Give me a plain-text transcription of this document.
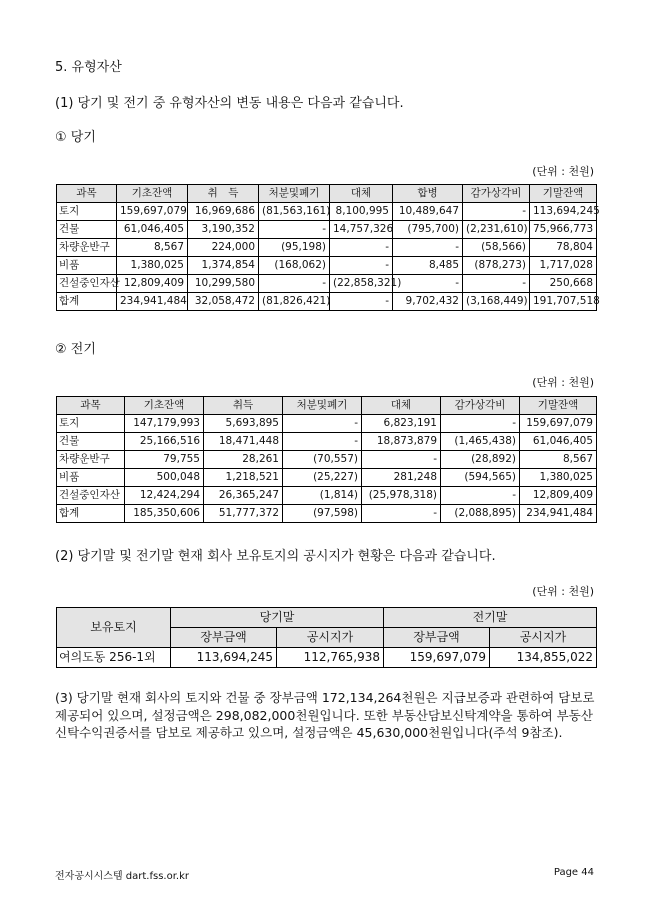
5. 유형자산
(1) 당기 및 전기 중 유형자산의 변동 내용은 다음과 같습니다.
① 당기
(단위 : 천원)
과목	기초잔액	취　득	처분및폐기	대체	합병	감가상각비	기말잔액
토지	159,697,079	16,969,686	(81,563,161)	8,100,995	10,489,647	-	113,694,245
건물	61,046,405	3,190,352	-	14,757,326	(795,700)	(2,231,610)	75,966,773
차량운반구	8,567	224,000	(95,198)	-	-	(58,566)	78,804
비품	1,380,025	1,374,854	(168,062)	-	8,485	(878,273)	1,717,028
건설중인자산	12,809,409	10,299,580	-	(22,858,321)	-	-	250,668
합계	234,941,484	32,058,472	(81,826,421)	-	9,702,432	(3,168,449)	191,707,518
② 전기
(단위 : 천원)
과목	기초잔액	취득	처분및폐기	대체	감가상각비	기말잔액
토지	147,179,993	5,693,895	-	6,823,191	-	159,697,079
건물	25,166,516	18,471,448	-	18,873,879	(1,465,438)	61,046,405
차량운반구	79,755	28,261	(70,557)	-	(28,892)	8,567
비품	500,048	1,218,521	(25,227)	281,248	(594,565)	1,380,025
건설중인자산	12,424,294	26,365,247	(1,814)	(25,978,318)	-	12,809,409
합계	185,350,606	51,777,372	(97,598)	-	(2,088,895)	234,941,484
(2) 당기말 및 전기말 현재 회사 보유토지의 공시지가 현황은 다음과 같습니다.
(단위 : 천원)
보유토지	당기말		전기말	
	장부금액	공시지가	장부금액	공시지가
여의도동 256-1외	113,694,245	112,765,938	159,697,079	134,855,022
(3) 당기말 현재 회사의 토지와 건물 중 장부금액 172,134,264천원은 지급보증과 관련하여 담보로 제공되어 있으며, 설정금액은 298,082,000천원입니다. 또한 부동산담보신탁계약을 통하여 부동산신탁수익권증서를 담보로 제공하고 있으며, 설정금액은 45,630,000천원입니다(주석 9참조).
전자공시시스템 dart.fss.or.kr	Page 44
